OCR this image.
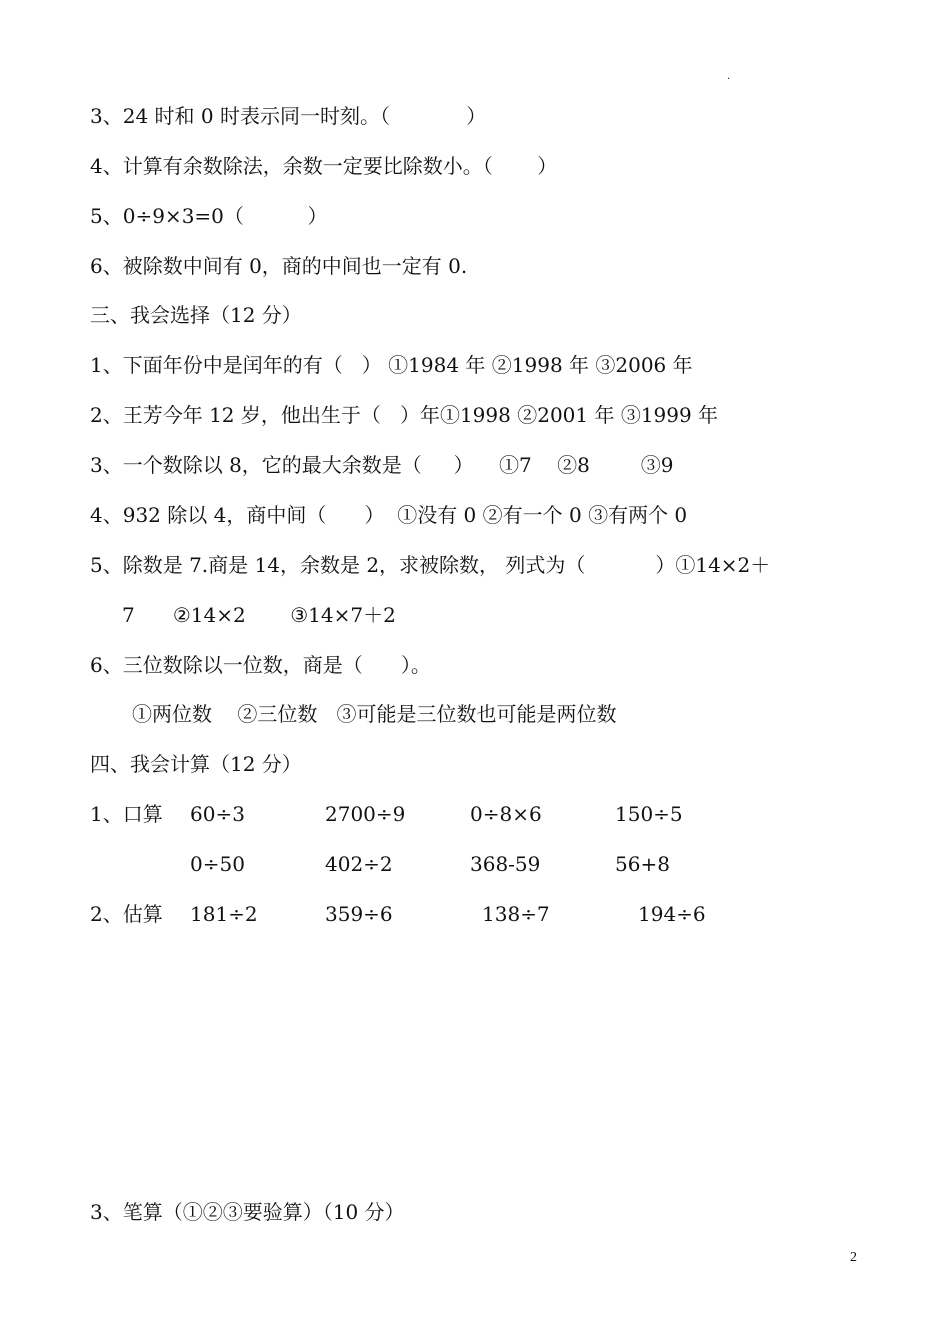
.
3、24 时和 0 时表示同一时刻。（            ）
4、计算有余数除法，余数一定要比除数小。（       ）
5、0÷9×3=0（          ）
6、被除数中间有 0，商的中间也一定有 0.
三、我会选择（12 分）
1、下面年份中是闰年的有（   ） ①1984 年 ②1998 年 ③2006 年
2、王芳今年 12 岁，他出生于（   ）年①1998 ②2001 年 ③1999 年
3、一个数除以 8，它的最大余数是（     ）    ①7    ②8        ③9
4、932 除以 4，商中间（      ）  ①没有 0 ②有一个 0 ③有两个 0
5、除数是 7.商是 14，余数是 2，求被除数， 列式为（           ）①14×2＋
7      ②14×2       ③14×7＋2
6、三位数除以一位数，商是（      ）。
①两位数    ②三位数   ③可能是三位数也可能是两位数
四、我会计算（12 分）
1、口算 60÷3	2700÷9	0÷8×6	150÷5
0÷50	402÷2	368-59	56+8
2、估算 181÷2	359÷6	138÷7	194÷6
3、笔算（①②③要验算）（10 分）
2
